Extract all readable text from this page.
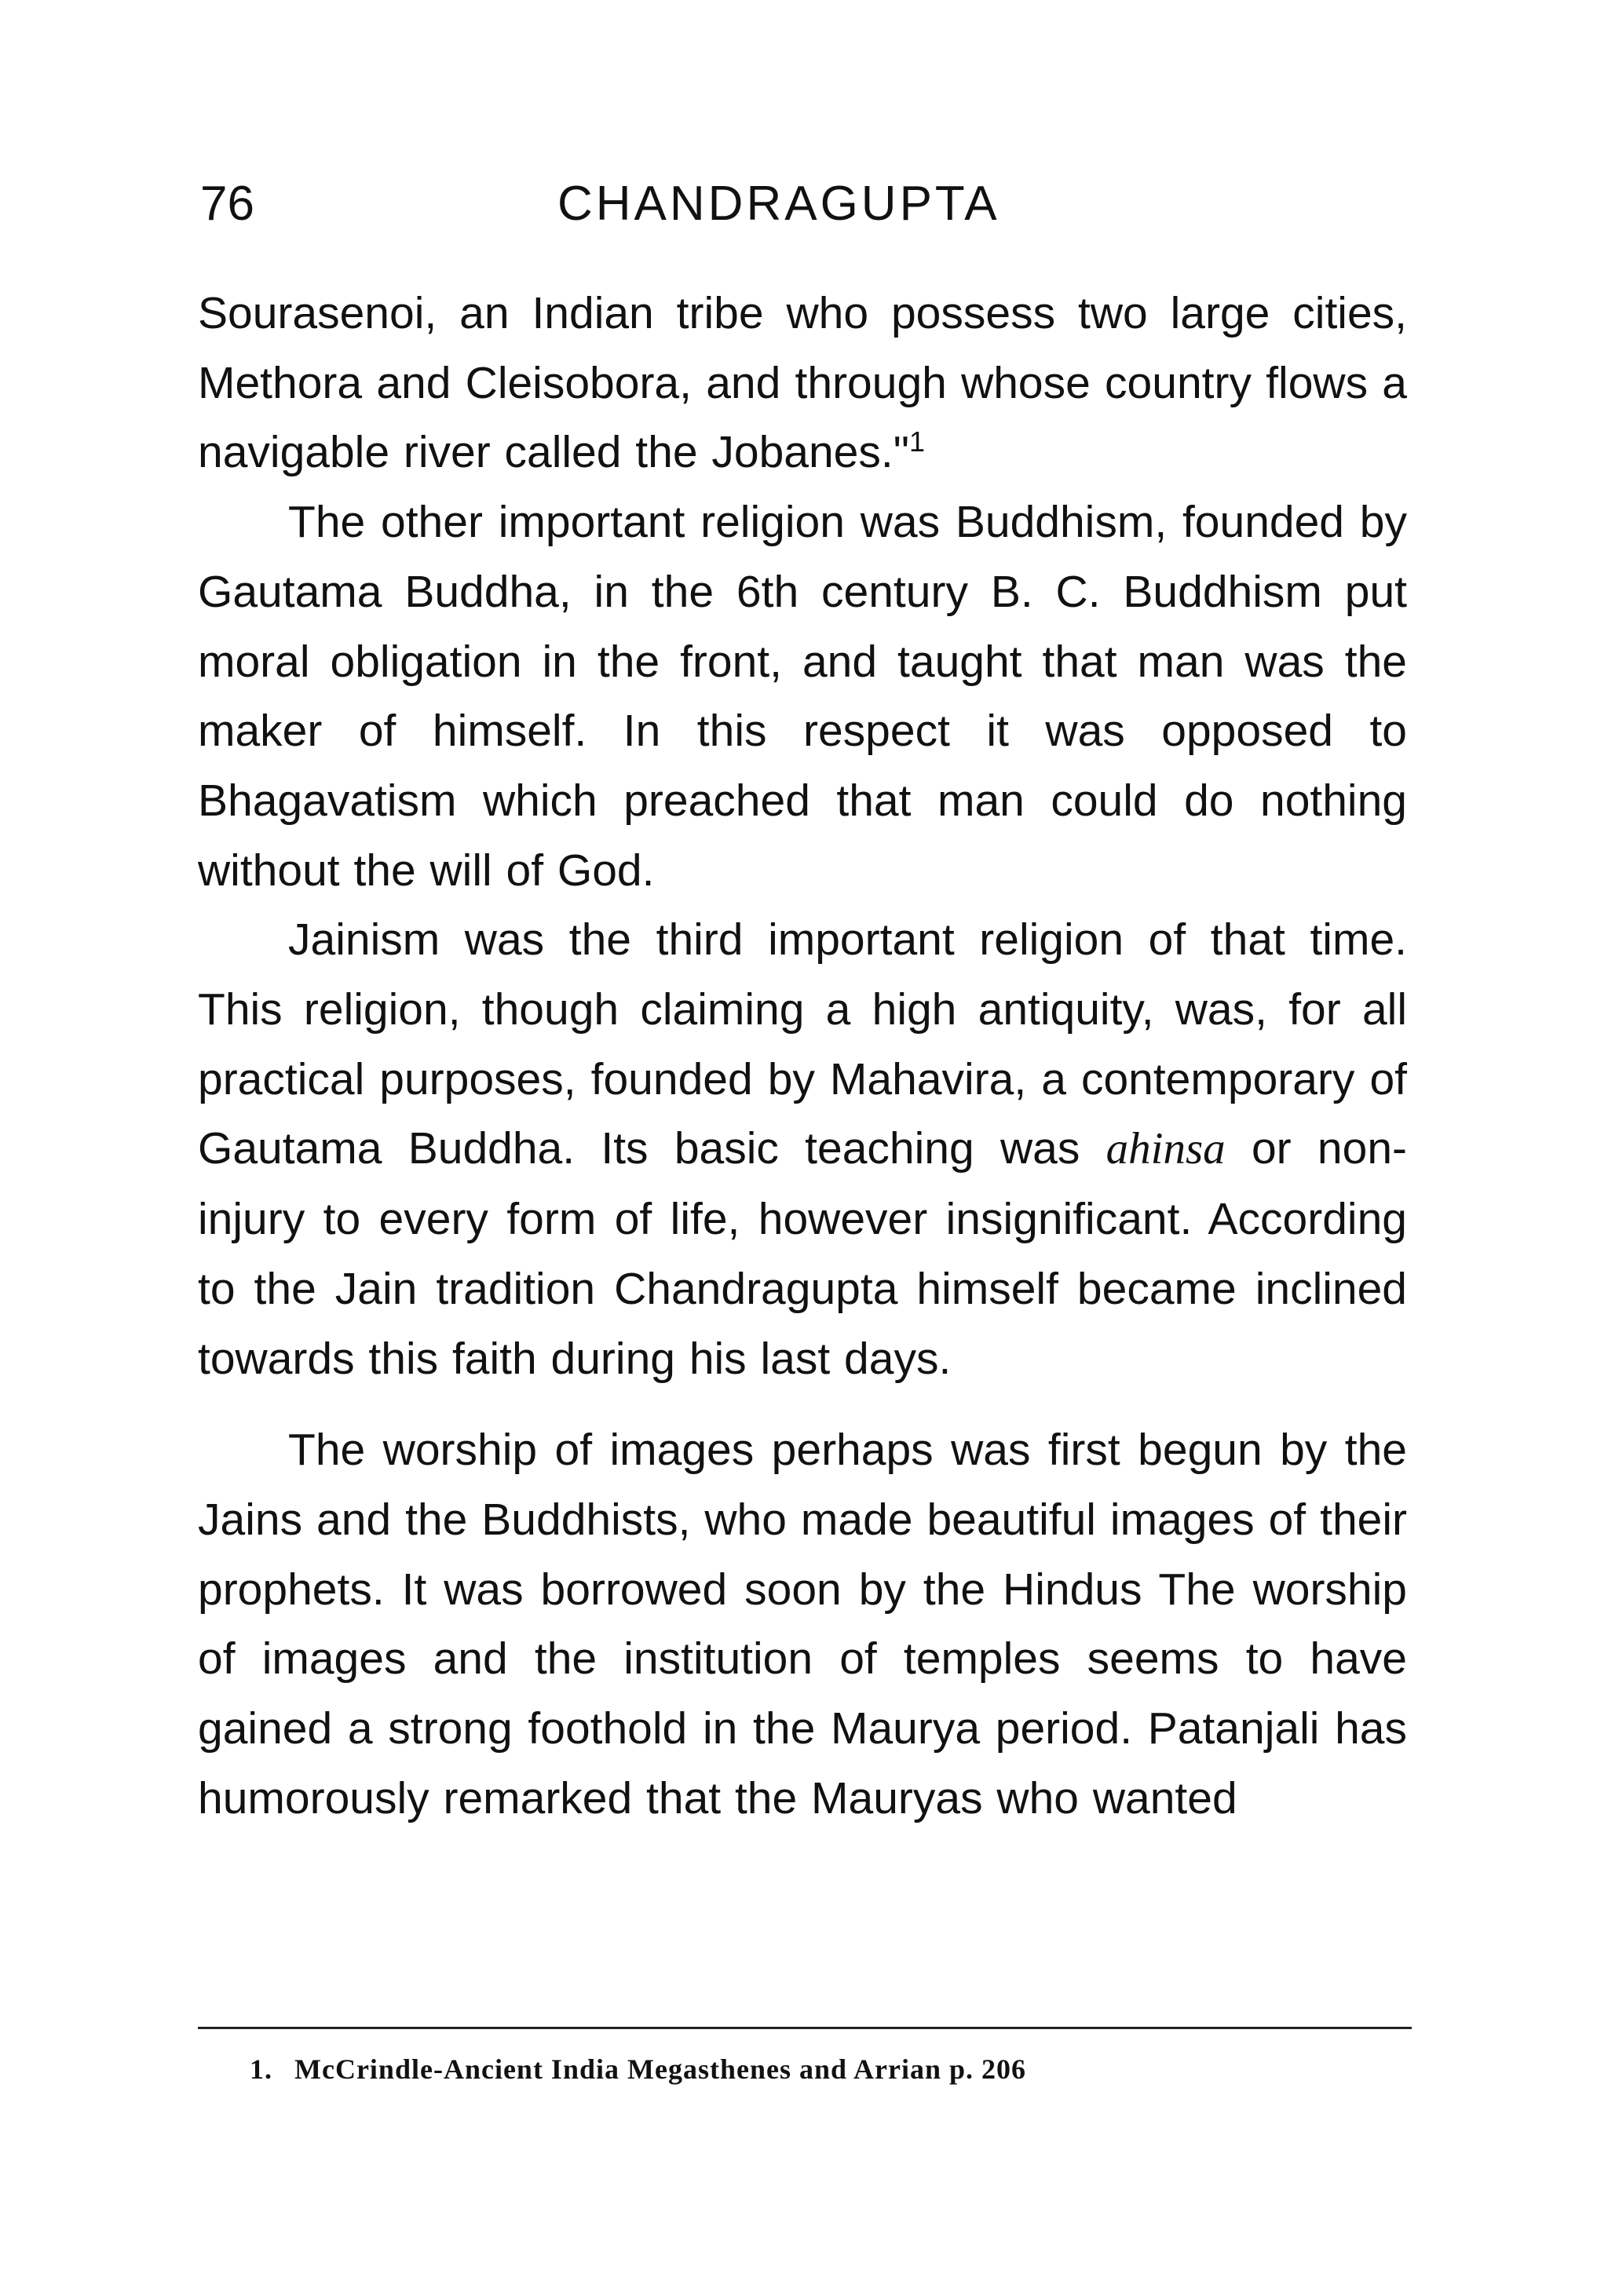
76	CHANDRAGUPTA

Sourasenoi, an Indian tribe who possess two large cities, Methora and Cleisobora, and through whose country flows a navigable river called the Jobanes."$^1$

The other important religion was Buddhism, founded by Gautama Buddha, in the 6th century B. C. Buddhism put moral obligation in the front, and taught that man was the maker of himself. In this respect it was opposed to Bhagavatism which preached that man could do nothing without the will of God.

Jainism was the third important religion of that time. This religion, though claiming a high antiquity, was, for all practical purposes, founded by Mahavira, a contemporary of Gautama Buddha. Its basic teaching was ahinsa or non-injury to every form of life, however insignificant. According to the Jain tradition Chandragupta himself became inclined towards this faith during his last days.

The worship of images perhaps was first begun by the Jains and the Buddhists, who made beautiful images of their prophets. It was borrowed soon by the Hindus The worship of images and the institution of temples seems to have gained a strong foothold in the Maurya period. Patanjali has humorously remarked that the Mauryas who wanted

1. McCrindle-Ancient India Megasthenes and Arrian p. 206
